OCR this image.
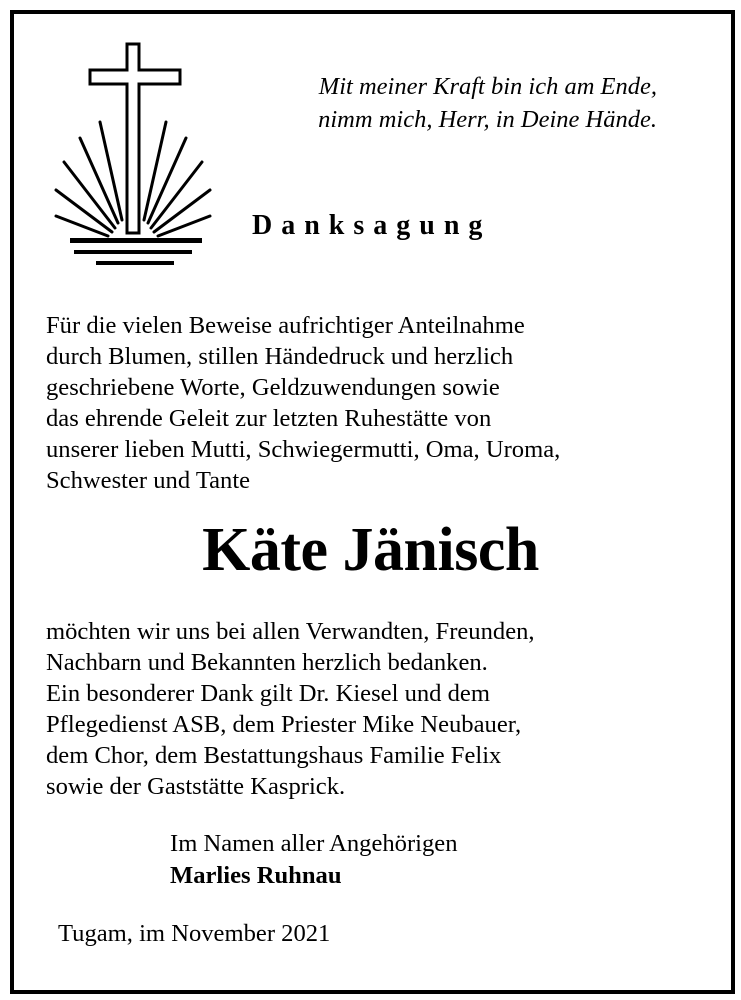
Mit meiner Kraft bin ich am Ende,
nimm mich, Herr, in Deine Hände.
Danksagung
Für die vielen Beweise aufrichtiger Anteilnahme
durch Blumen, stillen Händedruck und herzlich
geschriebene Worte, Geldzuwendungen sowie
das ehrende Geleit zur letzten Ruhestätte von
unserer lieben Mutti, Schwiegermutti, Oma, Uroma,
Schwester und Tante
Käte Jänisch
möchten wir uns bei allen Verwandten, Freunden,
Nachbarn und Bekannten herzlich bedanken.
Ein besonderer Dank gilt Dr. Kiesel und dem
Pflegedienst ASB, dem Priester Mike Neubauer,
dem Chor, dem Bestattungshaus Familie Felix
sowie der Gaststätte Kasprick.
Im Namen aller Angehörigen
Marlies Ruhnau
Tugam, im November 2021
